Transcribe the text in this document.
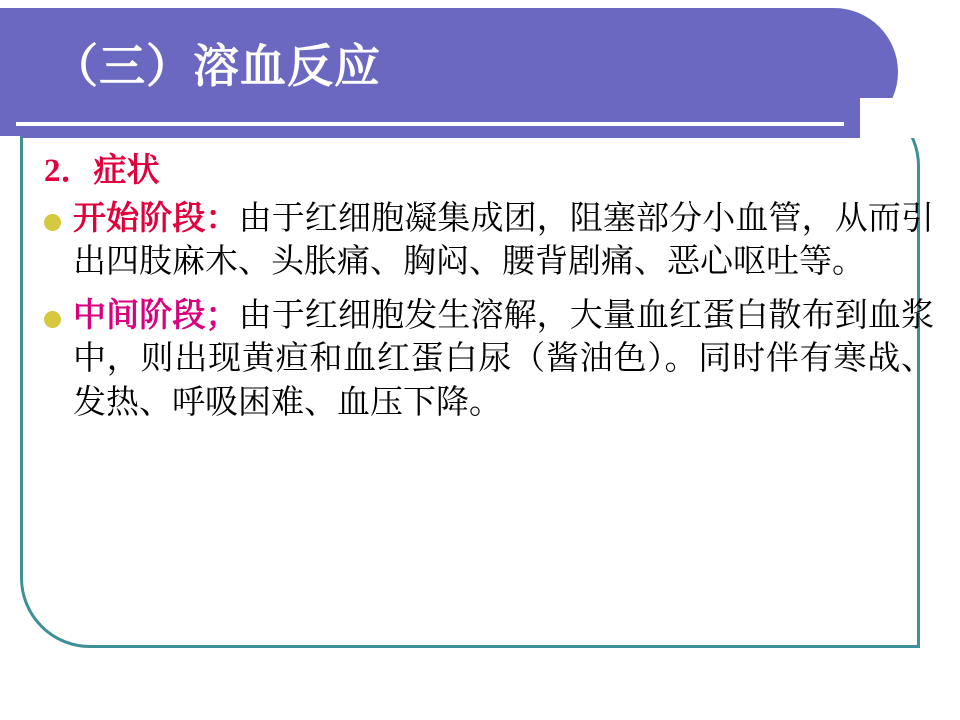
（三）溶血反应
2．症状
开始阶段：由于红细胞凝集成团，阻塞部分小血管，从而引出四肢麻木、头胀痛、胸闷、腰背剧痛、恶心呕吐等。
中间阶段；由于红细胞发生溶解，大量血红蛋白散布到血浆中，则出现黄疸和血红蛋白尿（酱油色）。同时伴有寒战、发热、呼吸困难、血压下降。
